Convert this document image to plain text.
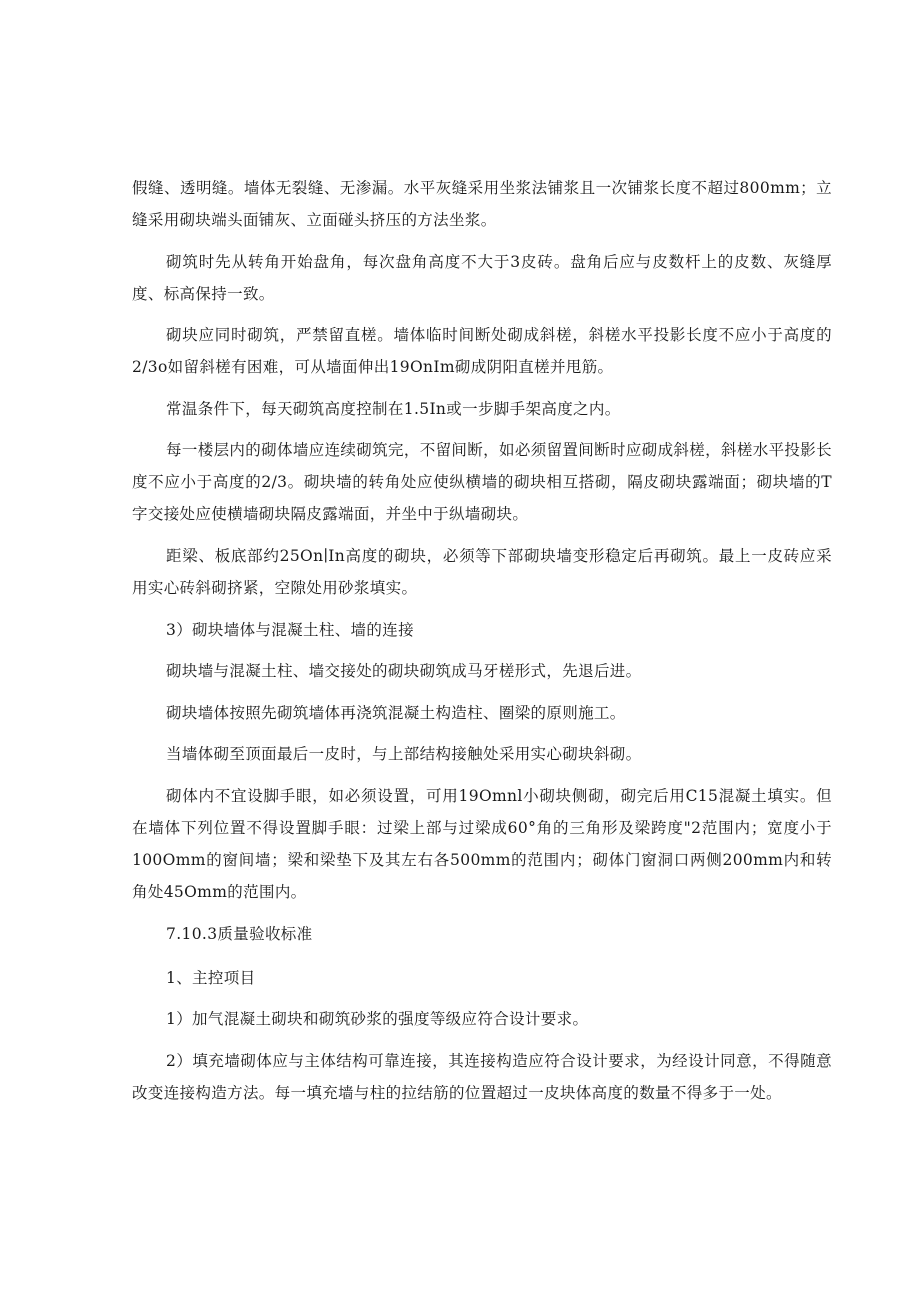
假缝、透明缝。墙体无裂缝、无渗漏。水平灰缝采用坐浆法铺浆且一次铺浆长度不超过800mm；立缝采用砌块端头面铺灰、立面碰头挤压的方法坐浆。

砌筑时先从转角开始盘角，每次盘角高度不大于3皮砖。盘角后应与皮数杆上的皮数、灰缝厚度、标高保持一致。

砌块应同时砌筑，严禁留直槎。墙体临时间断处砌成斜槎，斜槎水平投影长度不应小于高度的2/3o如留斜槎有困难，可从墙面伸出19OnIm砌成阴阳直槎并甩筋。

常温条件下，每天砌筑高度控制在1.5In或一步脚手架高度之内。

每一楼层内的砌体墙应连续砌筑完，不留间断，如必须留置间断时应砌成斜槎，斜槎水平投影长度不应小于高度的2/3。砌块墙的转角处应使纵横墙的砌块相互搭砌，隔皮砌块露端面；砌块墙的T字交接处应使横墙砌块隔皮露端面，并坐中于纵墙砌块。

距梁、板底部约25On∣In高度的砌块，必须等下部砌块墙变形稳定后再砌筑。最上一皮砖应采用实心砖斜砌挤紧，空隙处用砂浆填实。

3）砌块墙体与混凝土柱、墙的连接

砌块墙与混凝土柱、墙交接处的砌块砌筑成马牙槎形式，先退后进。

砌块墙体按照先砌筑墙体再浇筑混凝土构造柱、圈梁的原则施工。

当墙体砌至顶面最后一皮时，与上部结构接触处采用实心砌块斜砌。

砌体内不宜设脚手眼，如必须设置，可用19Omnl小砌块侧砌，砌完后用C15混凝土填实。但在墙体下列位置不得设置脚手眼：过梁上部与过梁成60°角的三角形及梁跨度"2范围内；宽度小于100Omm的窗间墙；梁和梁垫下及其左右各500mm的范围内；砌体门窗洞口两侧200mm内和转角处45Omm的范围内。

7.10.3质量验收标准

1、主控项目

1）加气混凝土砌块和砌筑砂浆的强度等级应符合设计要求。

2）填充墙砌体应与主体结构可靠连接，其连接构造应符合设计要求，为经设计同意，不得随意改变连接构造方法。每一填充墙与柱的拉结筋的位置超过一皮块体高度的数量不得多于一处。
